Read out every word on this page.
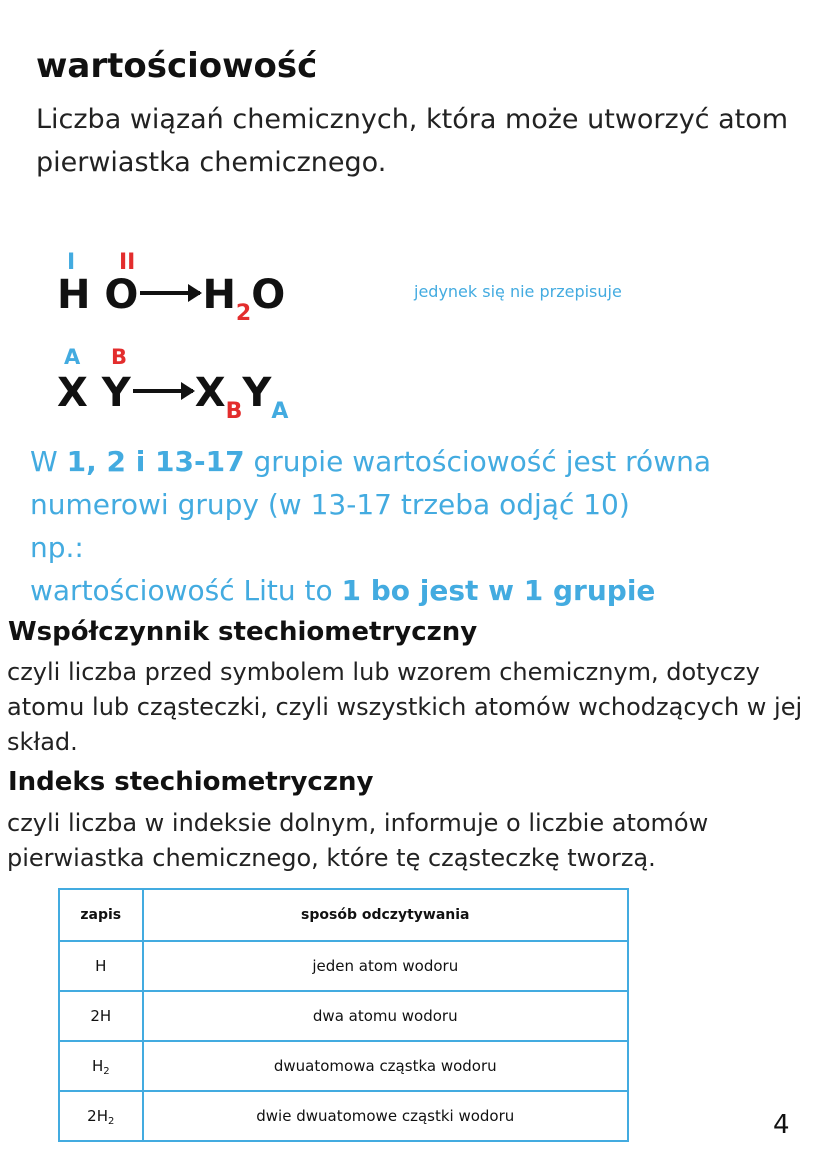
wartościowość
Liczba wiązań chemicznych, która może utworzyć atom pierwiastka chemicznego.
I II
H O $H_2O$	jedynek się nie przepisuje
A B
X Y $X_BY_A$
W 1, 2 i 13-17 grupie wartościowość jest równa
numerowi grupy (w 13-17 trzeba odjąć 10)
np.:
wartościowość Litu to 1 bo jest w 1 grupie
Współczynnik stechiometryczny
czyli liczba przed symbolem lub wzorem chemicznym, dotyczy atomu lub cząsteczki, czyli wszystkich atomów wchodzących w jej skład.
Indeks stechiometryczny
czyli liczba w indeksie dolnym, informuje o liczbie atomów pierwiastka chemicznego, które tę cząsteczkę tworzą.
zapis	sposób odczytywania
H	jeden atom wodoru
2H	dwa atomu wodoru
$H_2$	dwuatomowa cząstka wodoru
$2H_2$	dwie dwuatomowe cząstki wodoru	4
